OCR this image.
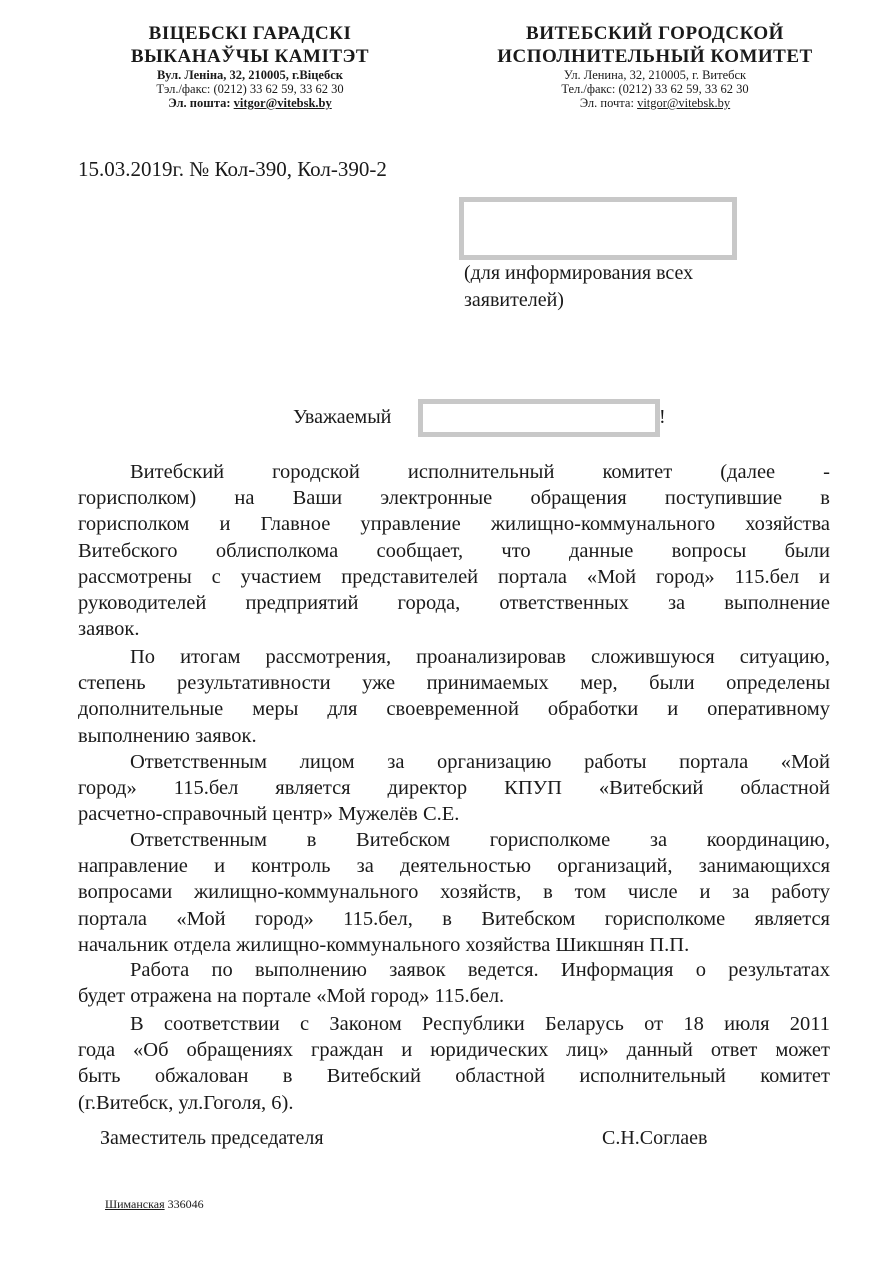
ВІЦЕБСКІ ГАРАДСКІ
ВЫКАНАЎЧЫ КАМІТЭТ
Вул. Леніна, 32, 210005, г.Віцебск
Тэл./факс: (0212) 33 62 59, 33 62 30
Эл. пошта: vitgor@vitebsk.by
ВИТЕБСКИЙ ГОРОДСКОЙ
ИСПОЛНИТЕЛЬНЫЙ КОМИТЕТ
Ул. Ленина, 32, 210005, г. Витебск
Тел./факс: (0212) 33 62 59, 33 62 30
Эл. почта: vitgor@vitebsk.by
15.03.2019г. № Кол-390, Кол-390-2
(для информирования всех
заявителей)
Уважаемый	!
Витебский городской исполнительный комитет (далее -
горисполком) на Ваши электронные обращения поступившие в
горисполком и Главное управление жилищно-коммунального хозяйства
Витебского облисполкома сообщает, что данные вопросы были
рассмотрены с участием представителей портала «Мой город» 115.бел и
руководителей предприятий города, ответственных за выполнение
заявок.
По итогам рассмотрения, проанализировав сложившуюся ситуацию,
степень результативности уже принимаемых мер, были определены
дополнительные меры для своевременной обработки и оперативному
выполнению заявок.
Ответственным лицом за организацию работы портала «Мой
город» 115.бел является директор КПУП «Витебский областной
расчетно-справочный центр» Мужелёв С.Е.
Ответственным в Витебском горисполкоме за координацию,
направление и контроль за деятельностью организаций, занимающихся
вопросами жилищно-коммунального хозяйств, в том числе и за работу
портала «Мой город» 115.бел, в Витебском горисполкоме является
начальник отдела жилищно-коммунального хозяйства Шикшнян П.П.
Работа по выполнению заявок ведется. Информация о результатах
будет отражена на портале «Мой город» 115.бел.
В соответствии с Законом Республики Беларусь от 18 июля 2011
года «Об обращениях граждан и юридических лиц» данный ответ может
быть обжалован в Витебский областной исполнительный комитет
(г.Витебск, ул.Гоголя, 6).
Заместитель председателя	С.Н.Соглаев
Шиманская 336046
